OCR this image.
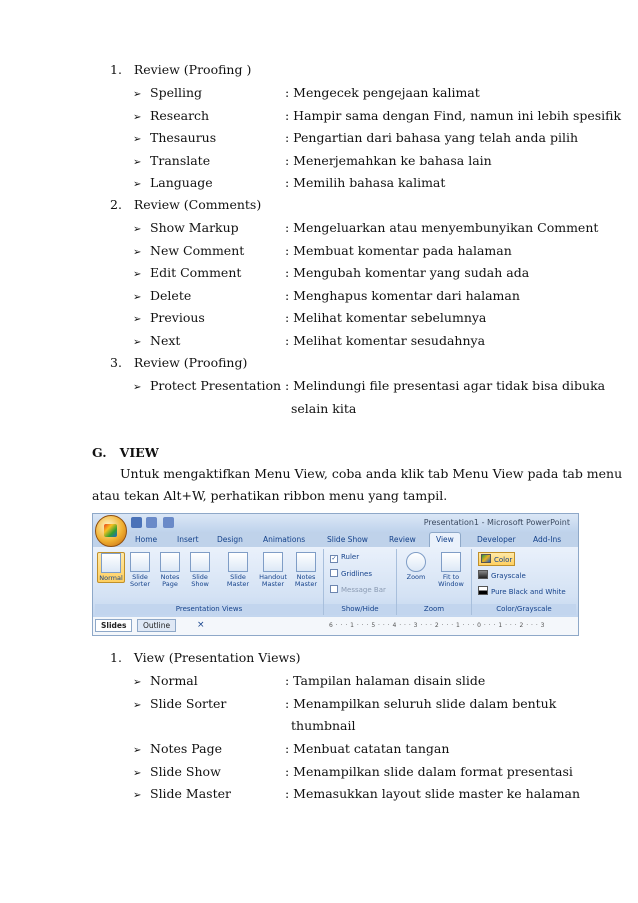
1.   Review (Proofing )
➢ Spelling	: Mengecek pengejaan kalimat
➢ Research	: Hampir sama dengan Find, namun ini lebih spesifik
➢ Thesaurus	: Pengartian dari bahasa yang telah anda pilih
➢ Translate	: Menerjemahkan ke bahasa lain
➢ Language	: Memilih bahasa kalimat
2.   Review (Comments)
➢ Show Markup	: Mengeluarkan atau menyembunyikan Comment
➢ New Comment	: Membuat komentar pada halaman
➢ Edit Comment	: Mengubah komentar yang sudah ada
➢ Delete	: Menghapus komentar dari halaman
➢ Previous	: Melihat komentar sebelumnya
➢ Next	: Melihat komentar sesudahnya
3.   Review (Proofing)
➢ Protect Presentation : Melindungi file presentasi agar tidak bisa dibuka
selain kita
G.   VIEW
Untuk mengaktifkan Menu View, coba anda klik tab Menu View pada tab menu
atau tekan Alt+W, perhatikan ribbon menu yang tampil.
Presentation1 - Microsoft PowerPoint
Home	Insert Design	Animations	Slide Show	Review	View	Developer Add-Ins
Normal	Slide
Sorter
Notes
Page
Slide
Show
Slide
Master
Handout
Master
Notes
Master
Presentation Views
✓ Ruler
Gridlines
Message Bar
Show/Hide
Zoom	Fit to
Window
Zoom
Color
Grayscale
Pure Black and White
Color/Grayscale
Slides	Outline	×	6 · · · 1 · · · 5 · · · 4 · · · 3 · · · 2 · · · 1 · · · 0 · · · 1 · · · 2 · · · 3
1.   View (Presentation Views)
➢ Normal	: Tampilan halaman disain slide
➢ Slide Sorter	: Menampilkan seluruh slide dalam bentuk
thumbnail
➢ Notes Page	: Menbuat catatan tangan
➢ Slide Show	: Menampilkan slide dalam format presentasi
➢ Slide Master	: Memasukkan layout slide master ke halaman
